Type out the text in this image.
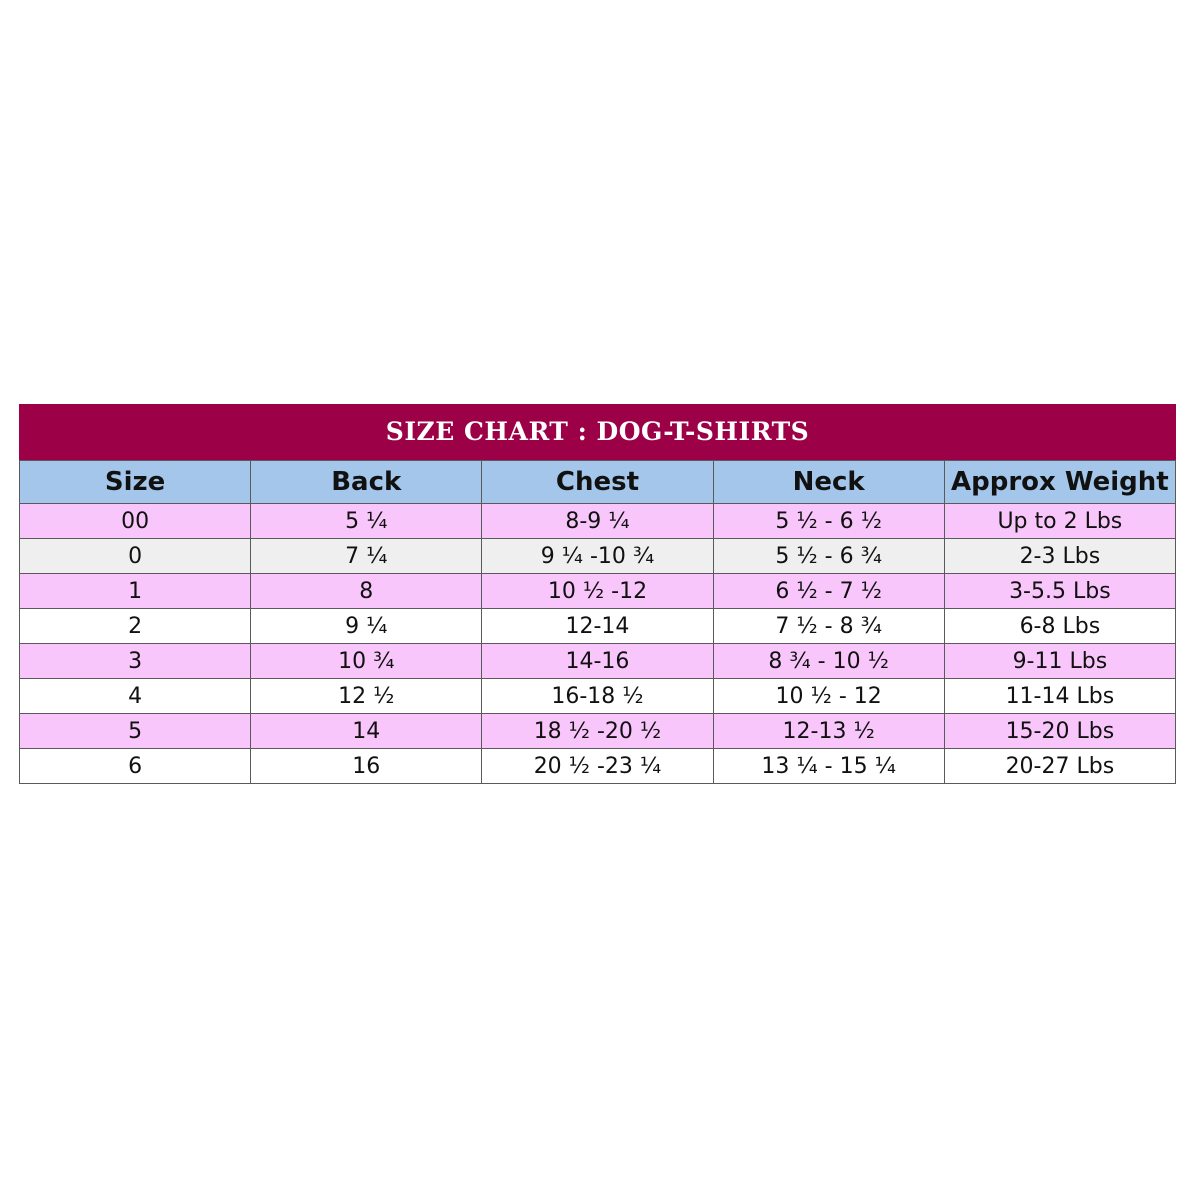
SIZE CHART : DOG-T-SHIRTS
Size	Back	Chest	Neck	Approx Weight
00	5 ¼	8-9 ¼	5 ½ - 6 ½	Up to 2 Lbs
0	7 ¼	9 ¼ -10 ¾	5 ½ - 6 ¾	2-3 Lbs
1	8	10 ½ -12	6 ½ - 7 ½	3-5.5 Lbs
2	9 ¼	12-14	7 ½ - 8 ¾	6-8 Lbs
3	10 ¾	14-16	8 ¾ - 10 ½	9-11 Lbs
4	12 ½	16-18 ½	10 ½ - 12	11-14 Lbs
5	14	18 ½ -20 ½	12-13 ½	15-20 Lbs
6	16	20 ½ -23 ¼	13 ¼ - 15 ¼	20-27 Lbs
